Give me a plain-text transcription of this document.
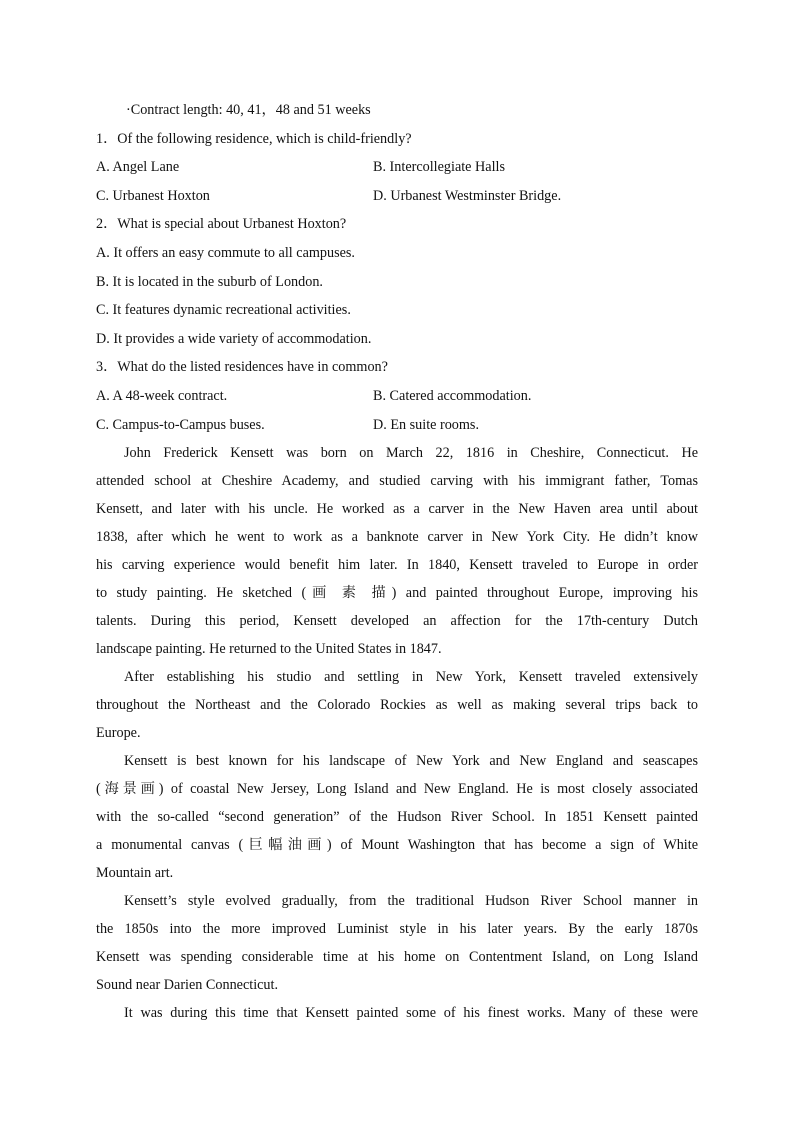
·Contract length: 40, 41，48 and 51 weeks
1．Of the following residence, which is child-friendly?
A. Angel Lane	B. Intercollegiate Halls
C. Urbanest Hoxton	D. Urbanest Westminster Bridge.
2．What is special about Urbanest Hoxton?
A. It offers an easy commute to all campuses.
B. It is located in the suburb of London.
C. It features dynamic recreational activities.
D. It provides a wide variety of accommodation.
3．What do the listed residences have in common?
A. A 48-week contract.	B. Catered accommodation.
C. Campus-to-Campus buses.	D. En suite rooms.
John Frederick Kensett was born on March 22, 1816 in Cheshire, Connecticut. He
attended school at Cheshire Academy, and studied carving with his immigrant father, Tomas
Kensett, and later with his uncle. He worked as a carver in the New Haven area until about
1838, after which he went to work as a banknote carver in New York City. He didn’t know
his carving experience would benefit him later. In 1840, Kensett traveled to Europe in order
to study painting. He sketched (画 素 描) and painted throughout Europe, improving his
talents. During this period, Kensett developed an affection for the 17th-century Dutch
landscape painting. He returned to the United States in 1847.
After establishing his studio and settling in New York, Kensett traveled extensively
throughout the Northeast and the Colorado Rockies as well as making several trips back to
Europe.
Kensett is best known for his landscape of New York and New England and seascapes
(海景画) of coastal New Jersey, Long Island and New England. He is most closely associated
with the so-called “second generation” of the Hudson River School. In 1851 Kensett painted
a monumental canvas (巨幅油画) of Mount Washington that has become a sign of White
Mountain art.
Kensett’s style evolved gradually, from the traditional Hudson River School manner in
the 1850s into the more improved Luminist style in his later years. By the early 1870s
Kensett was spending considerable time at his home on Contentment Island, on Long Island
Sound near Darien Connecticut.
It was during this time that Kensett painted some of his finest works. Many of these were
